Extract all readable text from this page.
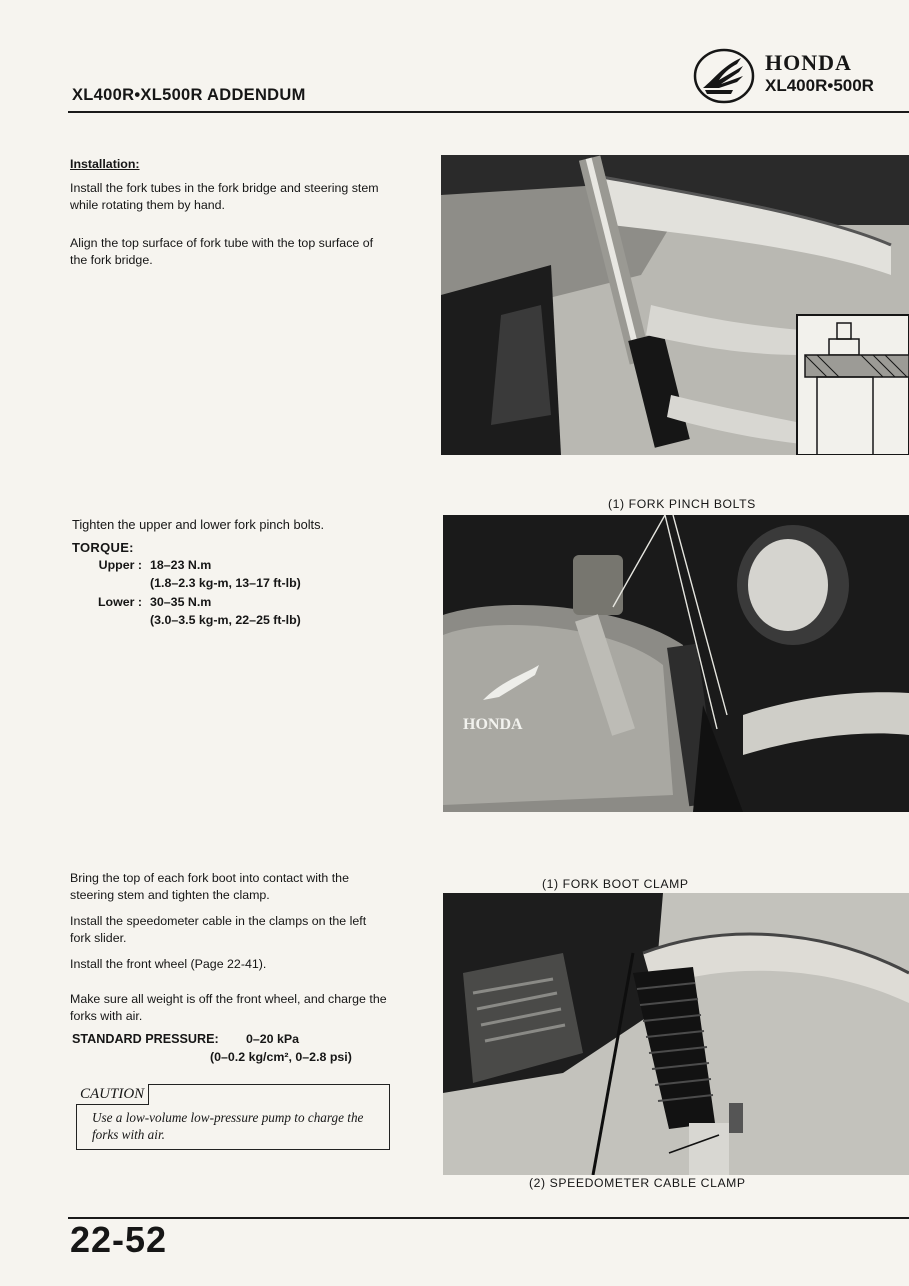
XL400R•XL500R ADDENDUM
HONDA
XL400R•500R
Installation:
Install the fork tubes in the fork bridge and steering stem while rotating them by hand.
Align the top surface of fork tube with the top surface of the fork bridge.
Tighten the upper and lower fork pinch bolts.
TORQUE:
Upper : 18–23 N.m
(1.8–2.3 kg-m, 13–17 ft-lb)
Lower : 30–35 N.m
(3.0–3.5 kg-m, 22–25 ft-lb)
Bring the top of each fork boot into contact with the steering stem and tighten the clamp.
Install the speedometer cable in the clamps on the left fork slider.
Install the front wheel (Page 22-41).
Make sure all weight is off the front wheel, and charge the forks with air.
STANDARD PRESSURE: 0–20 kPa
(0–0.2 kg/cm², 0–2.8 psi)
CAUTION
Use a low-volume low-pressure pump to charge the forks with air.
(1) FORK PINCH BOLTS
HONDA
(1) FORK BOOT CLAMP
(2) SPEEDOMETER CABLE CLAMP
22-52
